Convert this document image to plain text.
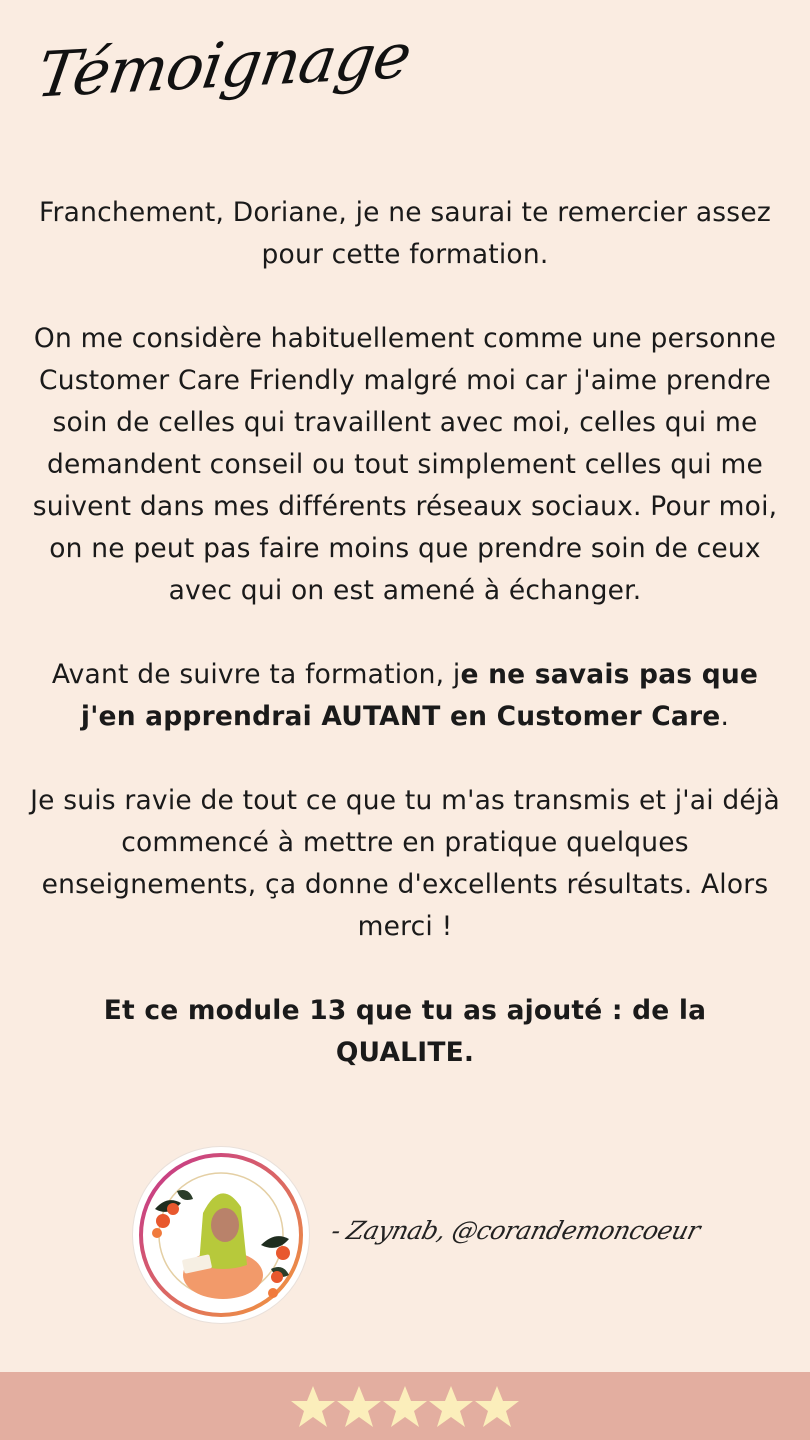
Témoignage

Franchement, Doriane, je ne saurai te remercier assez pour cette formation.

On me considère habituellement comme une personne Customer Care Friendly malgré moi car j'aime prendre soin de celles qui travaillent avec moi, celles qui me demandent conseil ou tout simplement celles qui me suivent dans mes différents réseaux sociaux. Pour moi, on ne peut pas faire moins que prendre soin de ceux avec qui on est amené à échanger.

Avant de suivre ta formation, je ne savais pas que j'en apprendrai AUTANT en Customer Care.

Je suis ravie de tout ce que tu m'as transmis et j'ai déjà commencé à mettre en pratique quelques enseignements, ça donne d'excellents résultats. Alors merci !

Et ce module 13 que tu as ajouté : de la QUALITE.

- Zaynab, @corandemoncoeur
